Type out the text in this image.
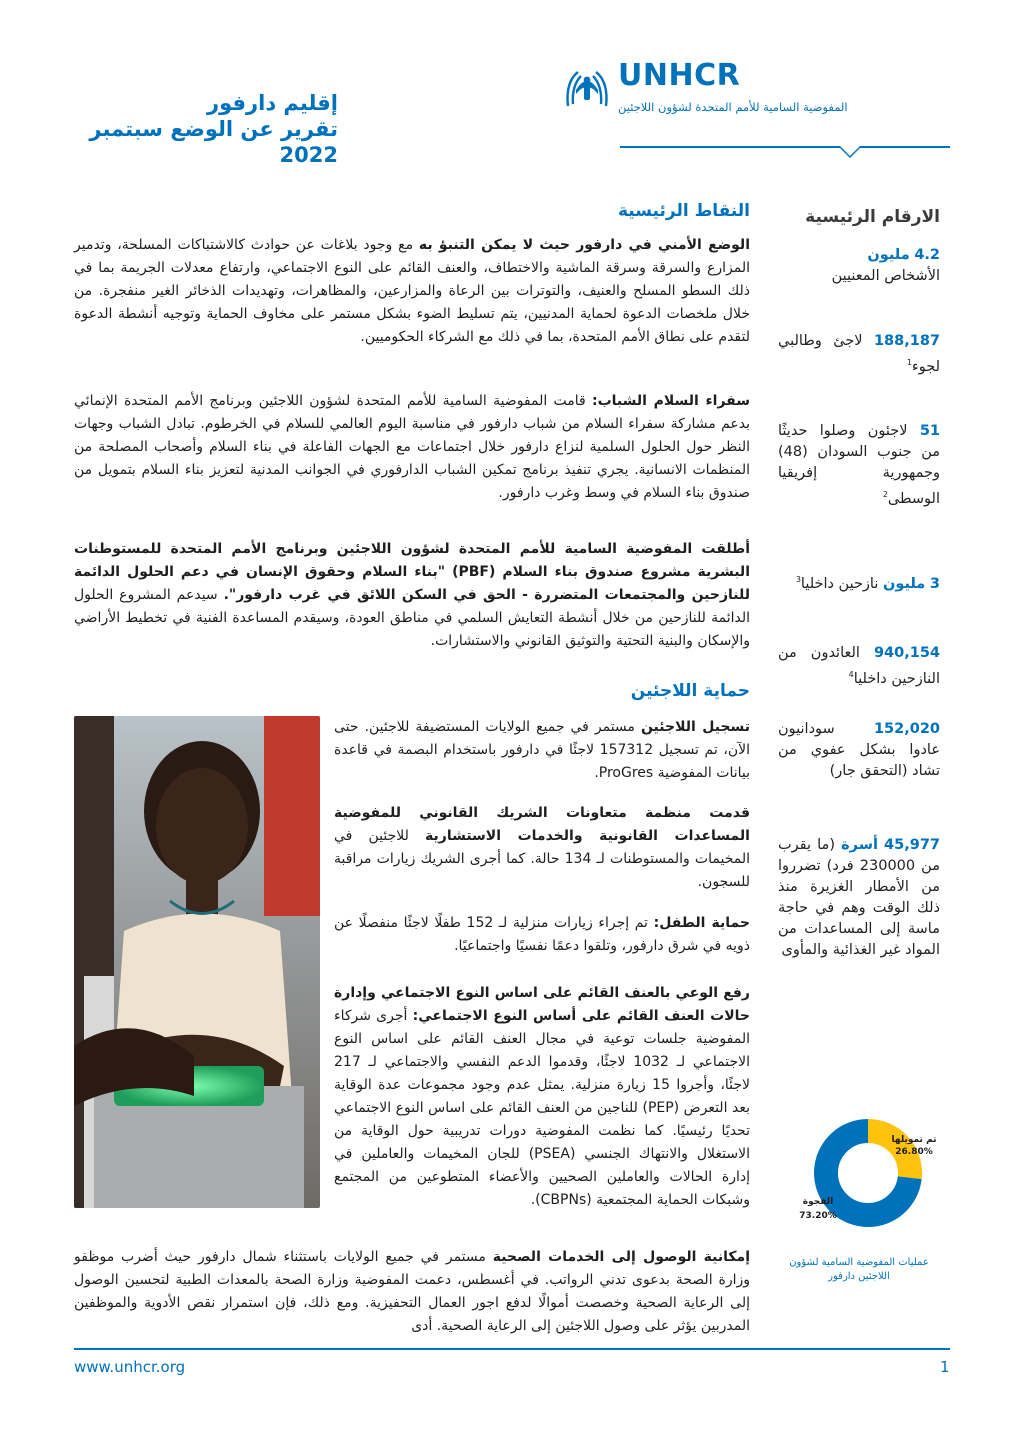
UNHCR
المفوضية السامية للأمم المتحدة لشؤون اللاجئين
إقليم دارفور
تقرير عن الوضع سبتمبر 2022
الارقام الرئيسية
4.2 مليون
الأشخاص المعنيين
188,187 لاجئ وطالبي لجوء$^1$
51 لاجئون وصلوا حديثًا من جنوب السودان (48) وجمهورية إفريقيا الوسطى$^2$
3 مليون نازحين داخليا$^3$
940,154 العائدون من النازحين داخليا$^4$
152,020 سودانيون عادوا بشكل عفوي من تشاد (التحقق جار)
45,977 أسرة (ما يقرب من 230000 فرد) تضرروا من الأمطار الغزيرة منذ ذلك الوقت وهم في حاجة ماسة إلى المساعدات من المواد غير الغذائية والمأوى
تم تمويلها
26.80%
الفجوة
73.20%
عمليات المفوضية السامية لشؤون اللاجئين دارفور
النقاط الرئيسية

الوضع الأمني في دارفور حيث لا يمكن التنبؤ به مع وجود بلاغات عن حوادث كالاشتباكات المسلحة، وتدمير المزارع والسرقة وسرقة الماشية والاختطاف، والعنف القائم على النوع الاجتماعي، وارتفاع معدلات الجريمة بما في ذلك السطو المسلح والعنيف، والتوترات بين الرعاة والمزارعين، والمظاهرات، وتهديدات الذخائر الغير منفجرة. من خلال ملخصات الدعوة لحماية المدنيين، يتم تسليط الضوء بشكل مستمر على مخاوف الحماية وتوجيه أنشطة الدعوة لتقدم على نطاق الأمم المتحدة، بما في ذلك مع الشركاء الحكوميين.

سفراء السلام الشباب: قامت المفوضية السامية للأمم المتحدة لشؤون اللاجئين وبرنامج الأمم المتحدة الإنمائي بدعم مشاركة سفراء السلام من شباب دارفور في مناسبة اليوم العالمي للسلام في الخرطوم. تبادل الشباب وجهات النظر حول الحلول السلمية لنزاع دارفور خلال اجتماعات مع الجهات الفاعلة في بناء السلام وأصحاب المصلحة من المنظمات الانسانية. يجري تنفيذ برنامج تمكين الشباب الدارفوري في الجوانب المدنية لتعزيز بناء السلام بتمويل من صندوق بناء السلام في وسط وغرب دارفور.

أطلقت المفوضية السامية للأمم المتحدة لشؤون اللاجئين وبرنامج الأمم المتحدة للمستوطنات البشرية مشروع صندوق بناء السلام (PBF) "بناء السلام وحقوق الإنسان في دعم الحلول الدائمة للنازحين والمجتمعات المتضررة - الحق في السكن اللائق في غرب دارفور". سيدعم المشروع الحلول الدائمة للنازحين من خلال أنشطة التعايش السلمي في مناطق العودة، وسيقدم المساعدة الفنية في تخطيط الأراضي والإسكان والبنية التحتية والتوثيق القانوني والاستشارات.

حماية اللاجئين

تسجيل اللاجئين مستمر في جميع الولايات المستضيفة للاجئين. حتى الآن، تم تسجيل 157312 لاجئًا في دارفور باستخدام البصمة في قاعدة بيانات المفوضية ProGres.

قدمت منظمة متعاونات الشريك القانوني للمفوضية المساعدات القانونية والخدمات الاستشارية للاجئين في المخيمات والمستوطنات لـ 134 حالة. كما أجرى الشريك زيارات مراقبة للسجون.

حماية الطفل: تم إجراء زيارات منزلية لـ 152 طفلًا لاجئًا منفصلًا عن ذويه في شرق دارفور، وتلقوا دعمًا نفسيًا واجتماعيًا.

رفع الوعي بالعنف القائم على اساس النوع الاجتماعي وإدارة حالات العنف القائم على أساس النوع الاجتماعي: أجرى شركاء المفوضية جلسات توعية في مجال العنف القائم على اساس النوع الاجتماعي لـ 1032 لاجئًا، وقدموا الدعم النفسي والاجتماعي لـ 217 لاجئًا، وأجروا 15 زيارة منزلية. يمثل عدم وجود مجموعات عدة الوقاية بعد التعرض (PEP) للناجين من العنف القائم على اساس النوع الاجتماعي تحديًا رئيسيًا. كما نظمت المفوضية دورات تدريبية حول الوقاية من الاستغلال والانتهاك الجنسي (PSEA) للجان المخيمات والعاملين في إدارة الحالات والعاملين الصحيين والأعضاء المتطوعين من المجتمع وشبكات الحماية المجتمعية (CBPNs).

إمكانية الوصول إلى الخدمات الصحية مستمر في جميع الولايات باستثناء شمال دارفور حيث أضرب موظفو وزارة الصحة بدعوى تدني الرواتب. في أغسطس، دعمت المفوضية وزارة الصحة بالمعدات الطبية لتحسين الوصول إلى الرعاية الصحية وخصصت أموالًا لدفع اجور العمال التحفيزية. ومع ذلك، فإن استمرار نقص الأدوية والموظفين المدربين يؤثر على وصول اللاجئين إلى الرعاية الصحية. أدى

www.unhcr.org	1
